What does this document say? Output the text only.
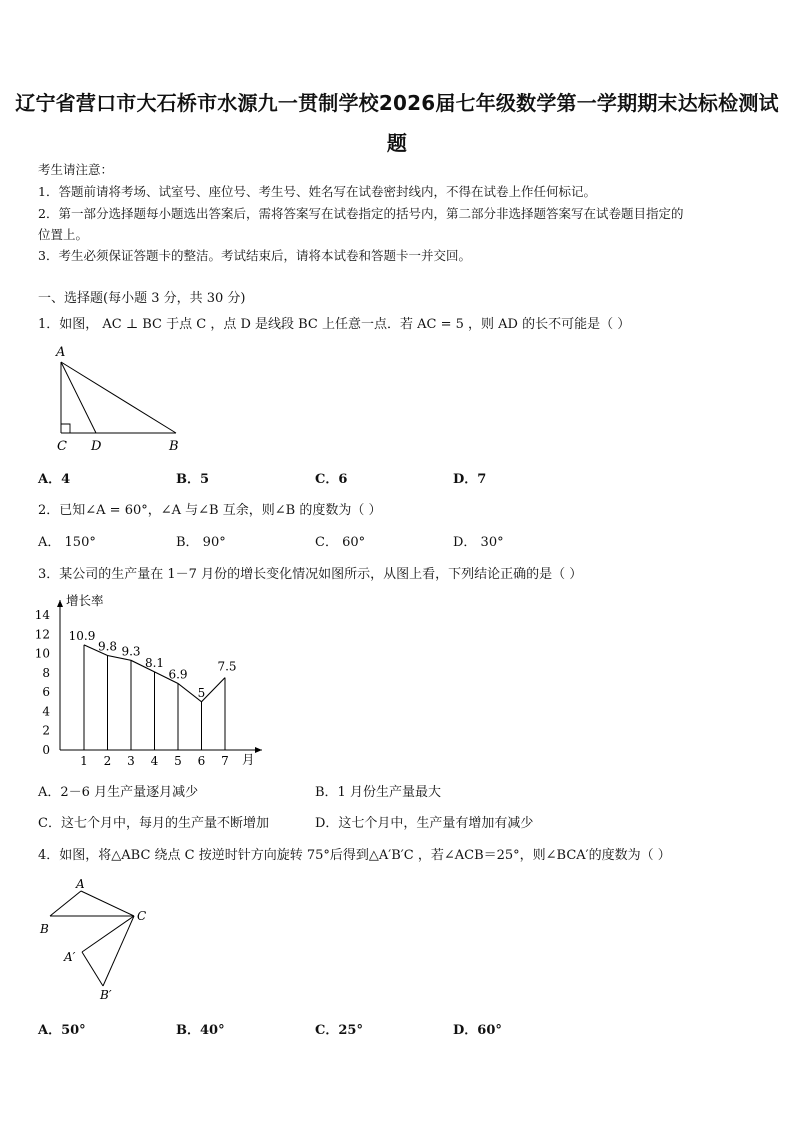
辽宁省营口市大石桥市水源九一贯制学校2026届七年级数学第一学期期末达标检测试
题
考生请注意：
1．答题前请将考场、试室号、座位号、考生号、姓名写在试卷密封线内，不得在试卷上作任何标记。
2．第一部分选择题每小题选出答案后，需将答案写在试卷指定的括号内，第二部分非选择题答案写在试卷题目指定的
位置上。
3．考生必须保证答题卡的整洁。考试结束后，请将本试卷和答题卡一并交回。
一、选择题(每小题 3 分，共 30 分)
1．如图， AC ⊥ BC 于点 C ，点 D 是线段 BC 上任意一点．若 AC = 5 ，则 AD 的长不可能是（ ）
A
C D	B
A．4	B．5	C．6	D．7
2．已知∠A = 60°，∠A 与∠B 互余，则∠B 的度数为（ ）
A． 150°	B． 90°	C． 60°	D． 30°
3．某公司的生产量在 1－7 月份的增长变化情况如图所示，从图上看，下列结论正确的是（ ）
0
2
4
6
8
10
12
14
1 2 3 4 5 6 7
10.9
9.8 9.3
8.1
6.9
5
7.5
增长率
月
A．2－6 月生产量逐月减少	B．1 月份生产量最大
C．这七个月中，每月的生产量不断增加	D．这七个月中，生产量有增加有减少
4．如图，将△ABC 绕点 C 按逆时针方向旋转 75°后得到△A′B′C ，若∠ACB＝25°，则∠BCA′的度数为（ ）
A
B
C
A′
B′
A．50°	B．40°	C．25°	D．60°
